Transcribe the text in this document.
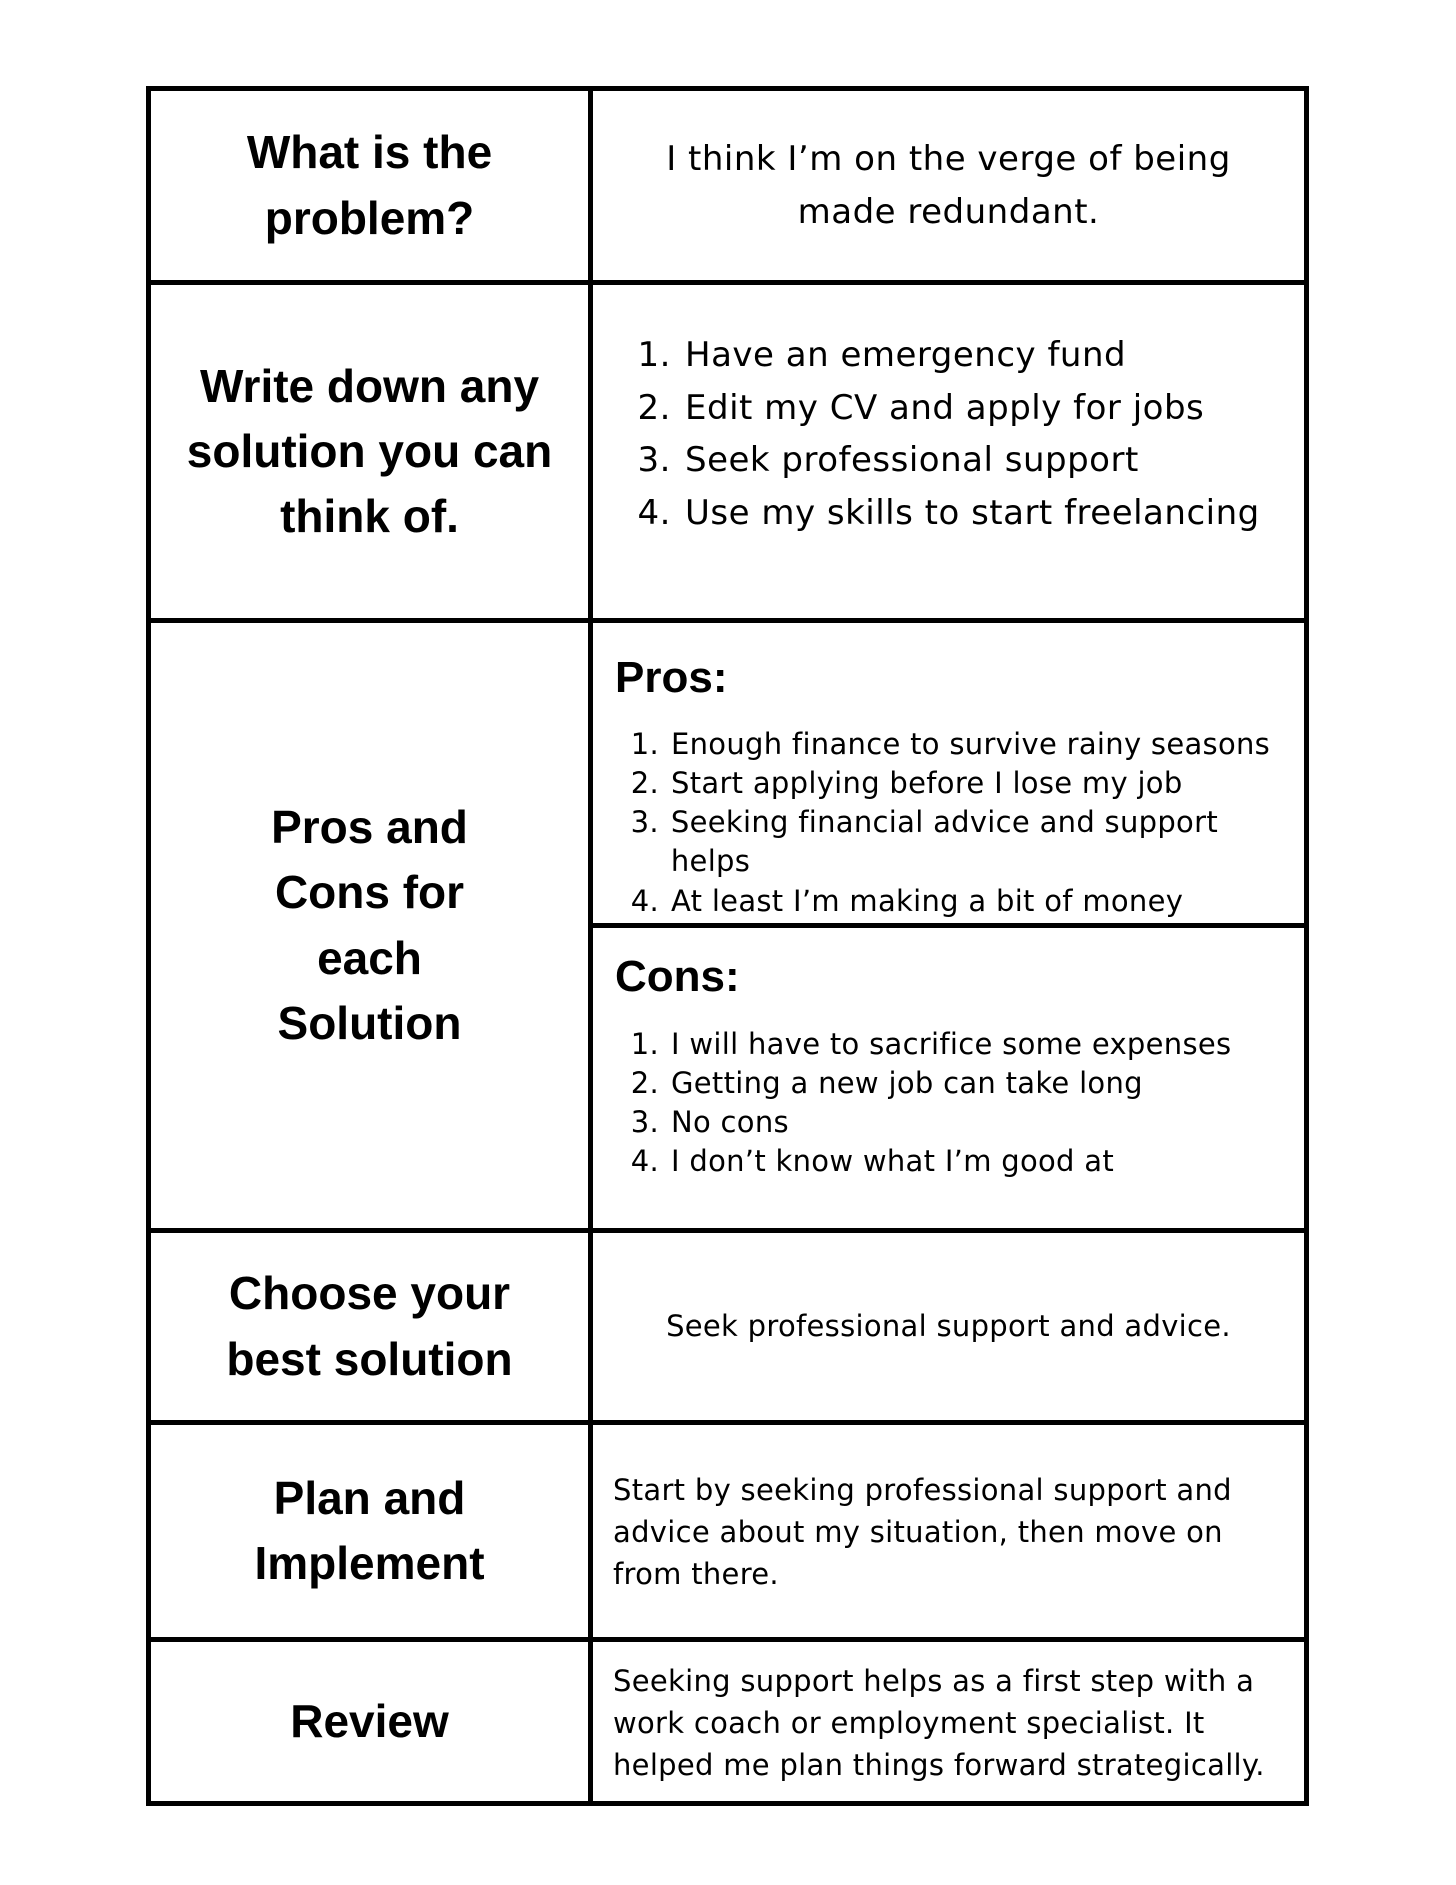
What is the problem?
I think I’m on the verge of being made redundant.
Write down any solution you can think of.
1. Have an emergency fund
2. Edit my CV and apply for jobs
3. Seek professional support
4. Use my skills to start freelancing
Pros and Cons for each Solution
Pros:
1. Enough finance to survive rainy seasons
2. Start applying before I lose my job
3. Seeking financial advice and support helps
4. At least I’m making a bit of money
Cons:
1. I will have to sacrifice some expenses
2. Getting a new job can take long
3. No cons
4. I don’t know what I’m good at
Choose your best solution
Seek professional support and advice.
Plan and Implement
Start by seeking professional support and advice about my situation, then move on from there.
Review
Seeking support helps as a first step with a work coach or employment specialist. It helped me plan things forward strategically.
